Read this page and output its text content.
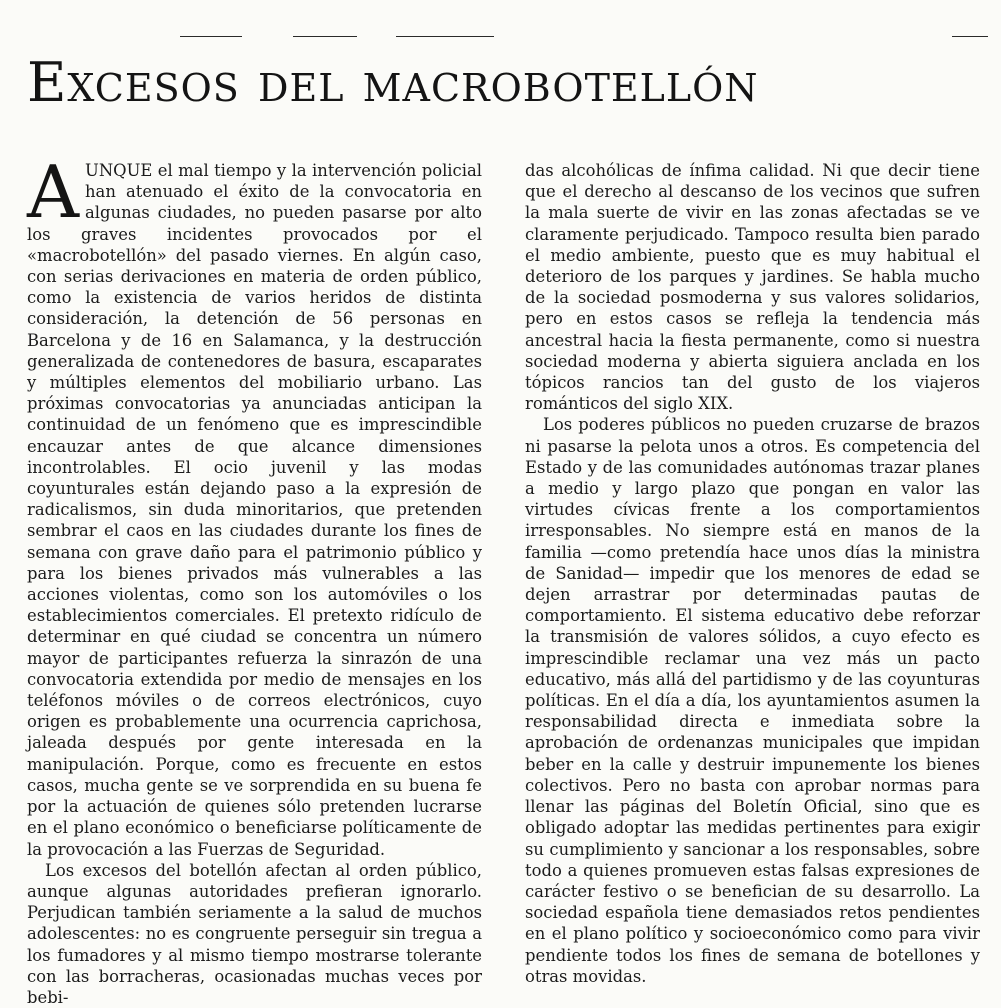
Excesos del macrobotellón

AUNQUE el mal tiempo y la intervención policial han atenuado el éxito de la convocatoria en algunas ciudades, no pueden pasarse por alto los graves incidentes provocados por el «macrobotellón» del pasado viernes. En algún caso, con serias derivaciones en materia de orden público, como la existencia de varios heridos de distinta consideración, la detención de 56 personas en Barcelona y de 16 en Salamanca, y la destrucción generalizada de contenedores de basura, escaparates y múltiples elementos del mobiliario urbano. Las próximas convocatorias ya anunciadas anticipan la continuidad de un fenómeno que es imprescindible encauzar antes de que alcance dimensiones incontrolables. El ocio juvenil y las modas coyunturales están dejando paso a la expresión de radicalismos, sin duda minoritarios, que pretenden sembrar el caos en las ciudades durante los fines de semana con grave daño para el patrimonio público y para los bienes privados más vulnerables a las acciones violentas, como son los automóviles o los establecimientos comerciales. El pretexto ridículo de determinar en qué ciudad se concentra un número mayor de participantes refuerza la sinrazón de una convocatoria extendida por medio de mensajes en los teléfonos móviles o de correos electrónicos, cuyo origen es probablemente una ocurrencia caprichosa, jaleada después por gente interesada en la manipulación. Porque, como es frecuente en estos casos, mucha gente se ve sorprendida en su buena fe por la actuación de quienes sólo pretenden lucrarse en el plano económico o beneficiarse políticamente de la provocación a las Fuerzas de Seguridad.

Los excesos del botellón afectan al orden público, aunque algunas autoridades prefieran ignorarlo. Perjudican también seriamente a la salud de muchos adolescentes: no es congruente perseguir sin tregua a los fumadores y al mismo tiempo mostrarse tolerante con las borracheras, ocasionadas muchas veces por bebi-

das alcohólicas de ínfima calidad. Ni que decir tiene que el derecho al descanso de los vecinos que sufren la mala suerte de vivir en las zonas afectadas se ve claramente perjudicado. Tampoco resulta bien parado el medio ambiente, puesto que es muy habitual el deterioro de los parques y jardines. Se habla mucho de la sociedad posmoderna y sus valores solidarios, pero en estos casos se refleja la tendencia más ancestral hacia la fiesta permanente, como si nuestra sociedad moderna y abierta siguiera anclada en los tópicos rancios tan del gusto de los viajeros románticos del siglo XIX.

Los poderes públicos no pueden cruzarse de brazos ni pasarse la pelota unos a otros. Es competencia del Estado y de las comunidades autónomas trazar planes a medio y largo plazo que pongan en valor las virtudes cívicas frente a los comportamientos irresponsables. No siempre está en manos de la familia —como pretendía hace unos días la ministra de Sanidad— impedir que los menores de edad se dejen arrastrar por determinadas pautas de comportamiento. El sistema educativo debe reforzar la transmisión de valores sólidos, a cuyo efecto es imprescindible reclamar una vez más un pacto educativo, más allá del partidismo y de las coyunturas políticas. En el día a día, los ayuntamientos asumen la responsabilidad directa e inmediata sobre la aprobación de ordenanzas municipales que impidan beber en la calle y destruir impunemente los bienes colectivos. Pero no basta con aprobar normas para llenar las páginas del Boletín Oficial, sino que es obligado adoptar las medidas pertinentes para exigir su cumplimiento y sancionar a los responsables, sobre todo a quienes promueven estas falsas expresiones de carácter festivo o se benefician de su desarrollo. La sociedad española tiene demasiados retos pendientes en el plano político y socioeconómico como para vivir pendiente todos los fines de semana de botellones y otras movidas.
